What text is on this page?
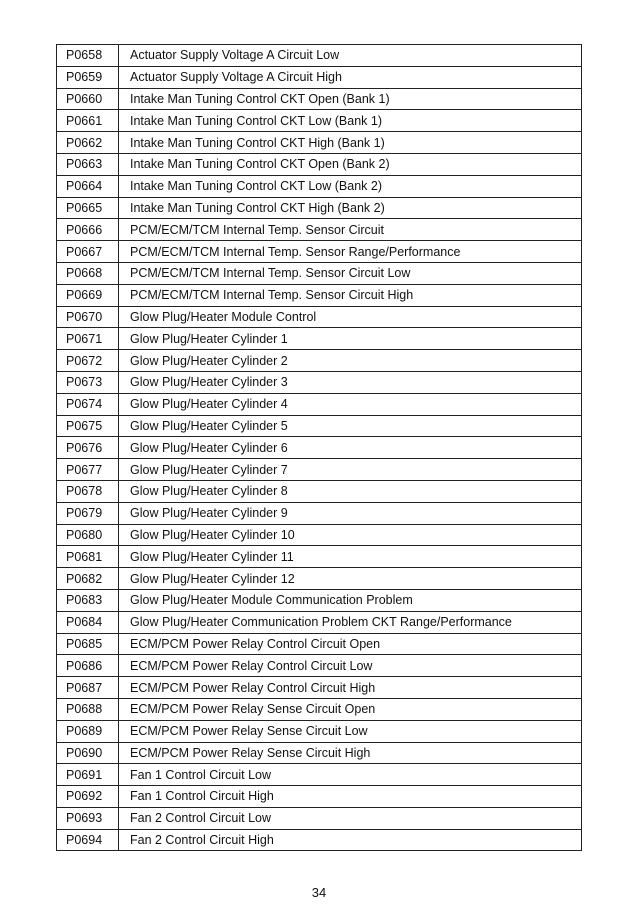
P0658	Actuator Supply Voltage A Circuit Low
P0659	Actuator Supply Voltage A Circuit High
P0660	Intake Man Tuning Control CKT Open (Bank 1)
P0661	Intake Man Tuning Control CKT Low (Bank 1)
P0662	Intake Man Tuning Control CKT High (Bank 1)
P0663	Intake Man Tuning Control CKT Open (Bank 2)
P0664	Intake Man Tuning Control CKT Low (Bank 2)
P0665	Intake Man Tuning Control CKT High (Bank 2)
P0666	PCM/ECM/TCM Internal Temp. Sensor Circuit
P0667	PCM/ECM/TCM Internal Temp. Sensor Range/Performance
P0668	PCM/ECM/TCM Internal Temp. Sensor Circuit Low
P0669	PCM/ECM/TCM Internal Temp. Sensor Circuit High
P0670	Glow Plug/Heater Module Control
P0671	Glow Plug/Heater Cylinder 1
P0672	Glow Plug/Heater Cylinder 2
P0673	Glow Plug/Heater Cylinder 3
P0674	Glow Plug/Heater Cylinder 4
P0675	Glow Plug/Heater Cylinder 5
P0676	Glow Plug/Heater Cylinder 6
P0677	Glow Plug/Heater Cylinder 7
P0678	Glow Plug/Heater Cylinder 8
P0679	Glow Plug/Heater Cylinder 9
P0680	Glow Plug/Heater Cylinder 10
P0681	Glow Plug/Heater Cylinder 11
P0682	Glow Plug/Heater Cylinder 12
P0683	Glow Plug/Heater Module Communication Problem
P0684	Glow Plug/Heater Communication Problem CKT Range/Performance
P0685	ECM/PCM Power Relay Control Circuit Open
P0686	ECM/PCM Power Relay Control Circuit Low
P0687	ECM/PCM Power Relay Control Circuit High
P0688	ECM/PCM Power Relay Sense Circuit Open
P0689	ECM/PCM Power Relay Sense Circuit Low
P0690	ECM/PCM Power Relay Sense Circuit High
P0691	Fan 1 Control Circuit Low
P0692	Fan 1 Control Circuit High
P0693	Fan 2 Control Circuit Low
P0694	Fan 2 Control Circuit High
34
